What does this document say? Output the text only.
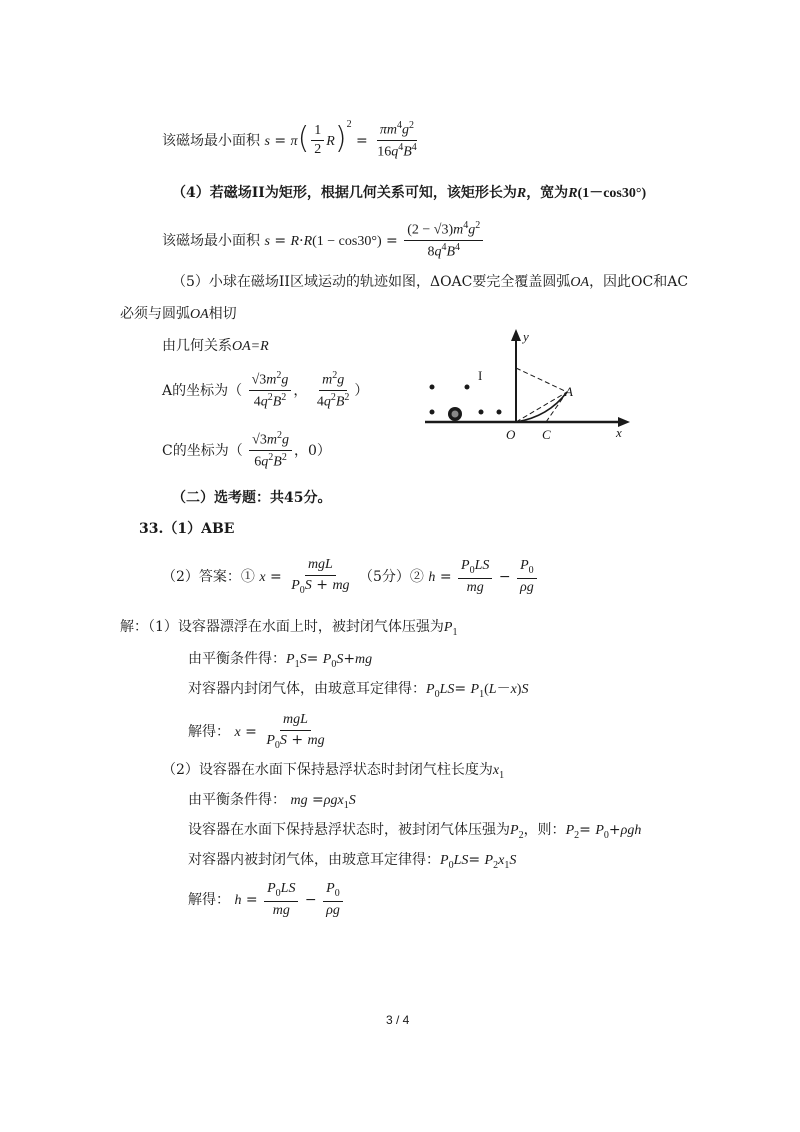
该磁场最小面积 $s = \pi( \frac{1}{2} R)^2 = \frac{\pi m^4g^2}{16q^4B^4}$
（4）若磁场II为矩形，根据几何关系可知，该矩形长为R，宽为R(1－cos30°)
该磁场最小面积 $s = R\cdot R(1 - \cos 30^\circ) = \frac{(2 - √3)m^4g^2}{8q^4B^4}$
（5）小球在磁场II区域运动的轨迹如图，ΔOAC要完全覆盖圆弧OA，因此OC和AC
必须与圆弧OA相切
由几何关系OA=R
A的坐标为（ $\frac{√3m^2g}{4q^2B^2}$ ， $\frac{m^2g}{4q^2B^2}$ ）
C的坐标为（ $\frac{√3m^2g}{6q^2B^2}$ ，0）
y
x
O C
A
I
（二）选考题：共45分。
33.（1）ABE
（2）答案：① $x = \frac{\text{mgL}}{P_0S + mg} (5$分）② $h = \frac{P_0LS}{mg} - \frac{P_0}{\rho g}$
解：（1）设容器漂浮在水面上时，被封闭气体压强为$P_1$
由平衡条件得：$P_1S= P_0S+mg$
对容器内封闭气体，由玻意耳定律得：$P_0LS= P_1(L-x)S$
解得： $x = \frac{\text{mgL}}{P_0S + mg}$
（2）设容器在水面下保持悬浮状态时封闭气柱长度为$x_1$
由平衡条件得： mg =ρgx$_1$S
设容器在水面下保持悬浮状态时，被封闭气体压强为$P_2$，则：$P_2= P_0+\rho gh$
对容器内被封闭气体，由玻意耳定律得：$P_0LS= P_2x_1S$
解得： $h = \frac{P_0LS}{mg} - \frac{P_0}{\rho g}$
3 / 4
